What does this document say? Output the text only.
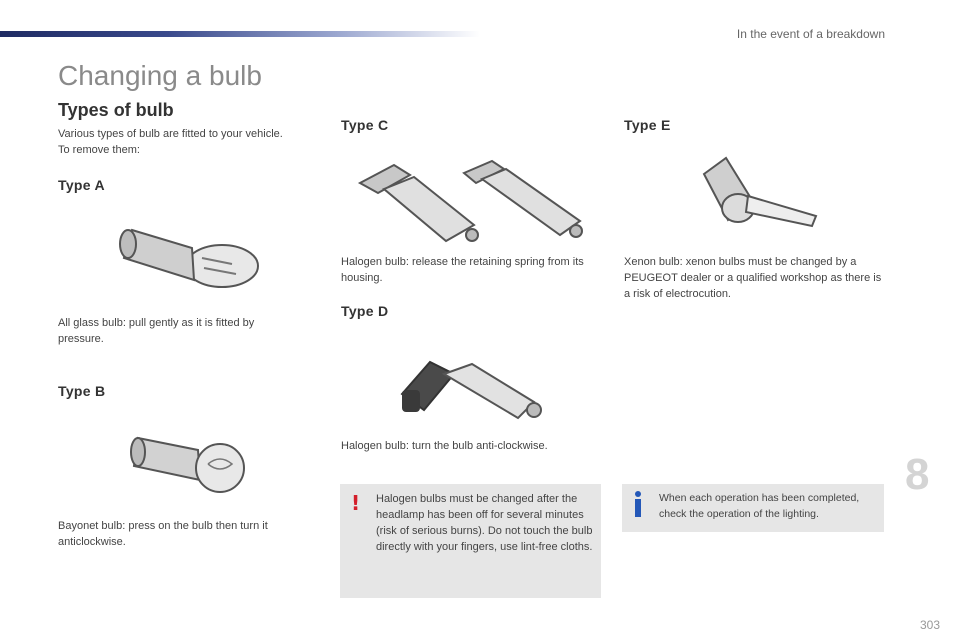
In the event of a breakdown
Changing a bulb
Types of bulb

Various types of bulb are fitted to your vehicle.
To remove them:

Type A

All glass bulb: pull gently as it is fitted by pressure.

Type B

Bayonet bulb: press on the bulb then turn it anticlockwise.

Type C

Halogen bulb: release the retaining spring from its housing.

Type D

Halogen bulb: turn the bulb anti-clockwise.

Type E

Xenon bulb: xenon bulbs must be changed by a PEUGEOT dealer or a qualified workshop as there is a risk of electrocution.

! Halogen bulbs must be changed after the headlamp has been off for several minutes (risk of serious burns). Do not touch the bulb directly with your fingers, use lint-free cloths.

When each operation has been completed, check the operation of the lighting.

8
303
